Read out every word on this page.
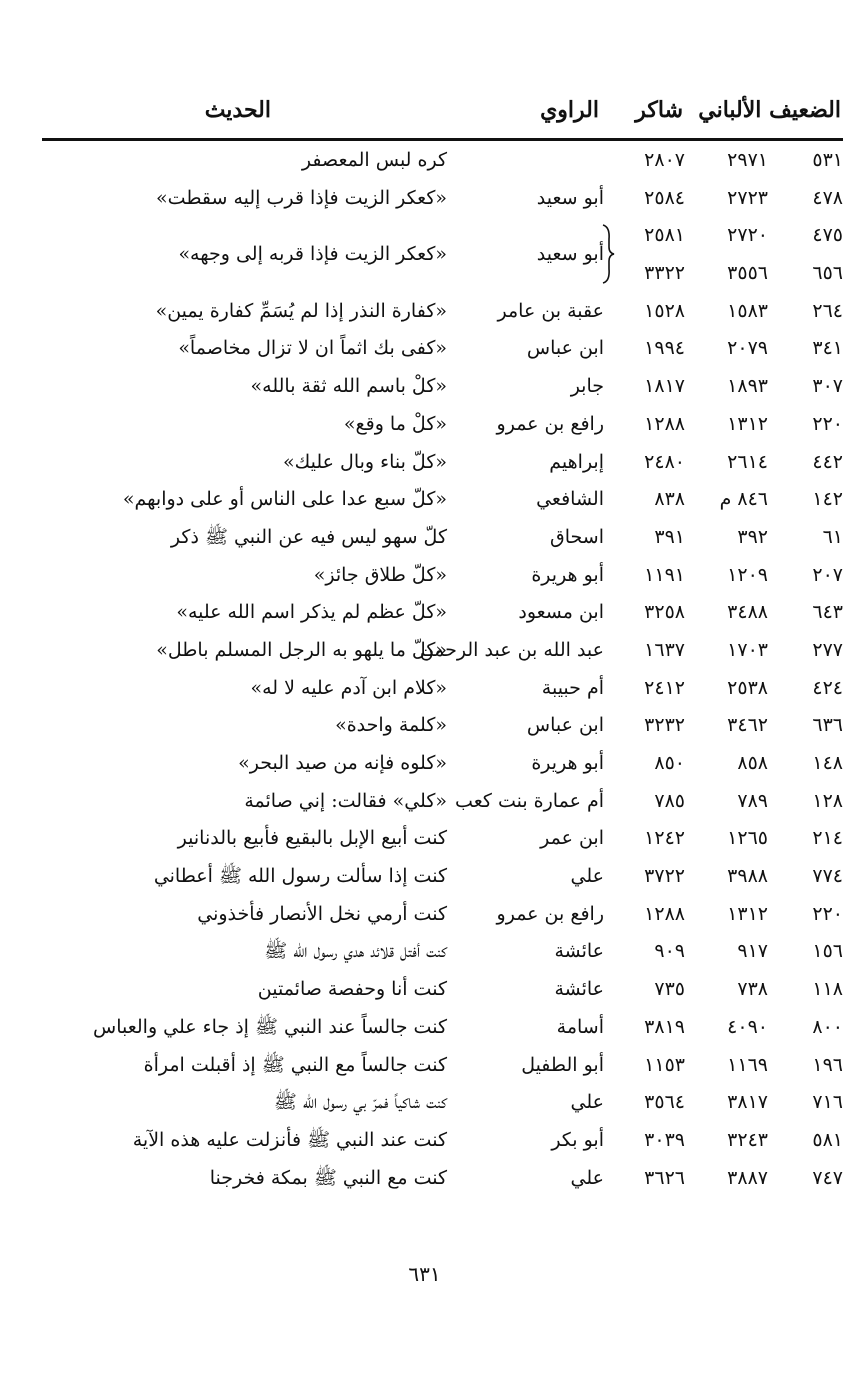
الضعيف الألباني
شاكر
الراوي
الحديث
٥٣١
٢٩٧١
٢٨٠٧
كره لبس المعصفر
٤٧٨
٢٧٢٣
٢٥٨٤
أبو سعيد
«كعكر الزيت فإذا قرب إليه سقطت»
٤٧٥
٢٧٢٠
٢٥٨١
٦٥٦
٣٥٥٦
٣٣٢٢
أبو سعيد
«كعكر الزيت فإذا قربه إلى وجهه»
٢٦٤
١٥٨٣
١٥٢٨
عقبة بن عامر
«كفارة النذر إذا لم يُسَمِّ كفارة يمين»
٣٤١
٢٠٧٩
١٩٩٤
ابن عباس
«كفى بك اثماً ان لا تزال مخاصماً»
٣٠٧
١٨٩٣
١٨١٧
جابر
«كلْ باسم الله ثقة بالله»
٢٢٠
١٣١٢
١٢٨٨
رافع بن عمرو
«كلْ ما وقع»
٤٤٢
٢٦١٤
٢٤٨٠
إبراهيم
«كلّ بناء وبال عليك»
١٤٢
٨٤٦ م
٨٣٨
الشافعي
«كلّ سبع عدا على الناس أو على دوابهم»
٦١
٣٩٢
٣٩١
اسحاق
كلّ سهو ليس فيه عن النبي ﷺ ذكر
٢٠٧
١٢٠٩
١١٩١
أبو هريرة
«كلّ طلاق جائز»
٦٤٣
٣٤٨٨
٣٢٥٨
ابن مسعود
«كلّ عظم لم يذكر اسم الله عليه»
٢٧٧
١٧٠٣
١٦٣٧
عبد الله بن عبد الرحمن
«كلّ ما يلهو به الرجل المسلم باطل»
٤٢٤
٢٥٣٨
٢٤١٢
أم حبيبة
«كلام ابن آدم عليه لا له»
٦٣٦
٣٤٦٢
٣٢٣٢
ابن عباس
«كلمة واحدة»
١٤٨
٨٥٨
٨٥٠
أبو هريرة
«كلوه فإنه من صيد البحر»
١٢٨
٧٨٩
٧٨٥
أم عمارة بنت كعب
«كلي» فقالت: إني صائمة
٢١٤
١٢٦٥
١٢٤٢
ابن عمر
كنت أبيع الإبل بالبقيع فأبيع بالدنانير
٧٧٤
٣٩٨٨
٣٧٢٢
علي
كنت إذا سألت رسول الله ﷺ أعطاني
٢٢٠
١٣١٢
١٢٨٨
رافع بن عمرو
كنت أرمي نخل الأنصار فأخذوني
١٥٦
٩١٧
٩٠٩
عائشة
كنت أفتل قلائد هدي رسول الله ﷺ
١١٨
٧٣٨
٧٣٥
عائشة
كنت أنا وحفصة صائمتين
٨٠٠
٤٠٩٠
٣٨١٩
أسامة
كنت جالساً عند النبي ﷺ إذ جاء علي والعباس
١٩٦
١١٦٩
١١٥٣
أبو الطفيل
كنت جالساً مع النبي ﷺ إذ أقبلت امرأة
٧١٦
٣٨١٧
٣٥٦٤
علي
كنت شاكياً فمرّ بي رسول الله ﷺ
٥٨١
٣٢٤٣
٣٠٣٩
أبو بكر
كنت عند النبي ﷺ فأنزلت عليه هذه الآية
٧٤٧
٣٨٨٧
٣٦٢٦
علي
كنت مع النبي ﷺ بمكة فخرجنا
٦٣١
